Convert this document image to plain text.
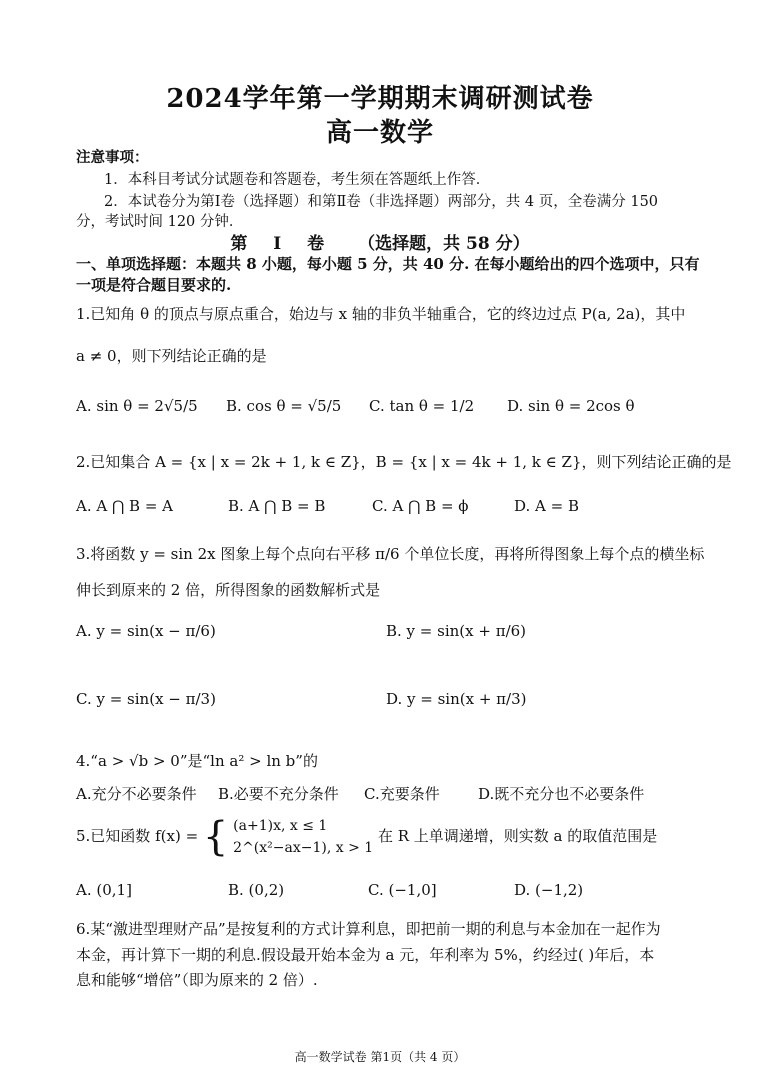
2024学年第一学期期末调研测试卷
高一数学
注意事项：
1．本科目考试分试题卷和答题卷，考生须在答题纸上作答．
2．本试卷分为第Ⅰ卷（选择题）和第Ⅱ卷（非选择题）两部分，共 4 页，全卷满分 150
分，考试时间 120 分钟．
第 Ⅰ 卷 （选择题，共 58 分）
一、单项选择题：本题共 8 小题，每小题 5 分，共 40 分. 在每小题给出的四个选项中，只有
一项是符合题目要求的.
1.已知角 θ 的顶点与原点重合，始边与 x 轴的非负半轴重合，它的终边过点 P(a, 2a)，其中
a ≠ 0，则下列结论正确的是
A. sin θ = 2√5/5 B. cos θ = √5/5 C. tan θ = 1/2 D. sin θ = 2cos θ
2.已知集合 A = {x | x = 2k + 1, k ∈ Z}，B = {x | x = 4k + 1, k ∈ Z}，则下列结论正确的是
A. A ⋂ B = A	B. A ⋂ B = B	C. A ⋂ B = ϕ	D. A = B
3.将函数 y = sin 2x 图象上每个点向右平移 π/6 个单位长度，再将所得图象上每个点的横坐标
伸长到原来的 2 倍，所得图象的函数解析式是
A. y = sin(x − π/6)	B. y = sin(x + π/6)
C. y = sin(x − π/3)	D. y = sin(x + π/3)
4.“a > √b > 0”是“ln a² > ln b”的
A.充分不必要条件 B.必要不充分条件 C.充要条件	D.既不充分也不必要条件
5.已知函数 f(x) = { (a+1)x, x ≤ 1
2^(x²−ax−1), x > 1
在 R 上单调递增，则实数 a 的取值范围是
A. (0,1]	B. (0,2)	C. (−1,0]	D. (−1,2)
6.某“激进型理财产品”是按复利的方式计算利息，即把前一期的利息与本金加在一起作为
本金，再计算下一期的利息.假设最开始本金为 a 元，年利率为 5%，约经过( )年后，本
息和能够“增倍”（即为原来的 2 倍）.
高一数学试卷 第1页（共 4 页）
